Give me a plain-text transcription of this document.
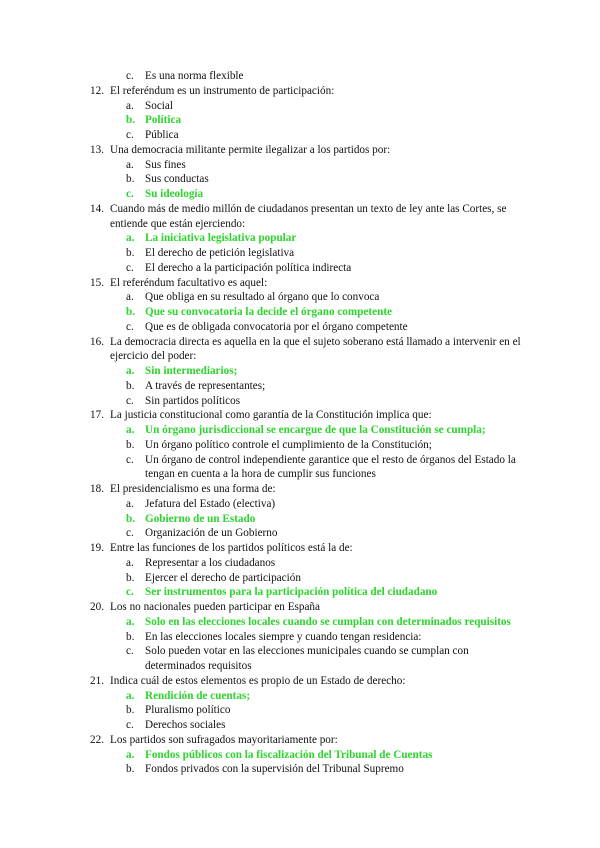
c. Es una norma flexible
12. El referéndum es un instrumento de participación:
a. Social
b. Política
c. Pública
13. Una democracia militante permite ilegalizar a los partidos por:
a. Sus fines
b. Sus conductas
c. Su ideología
14. Cuando más de medio millón de ciudadanos presentan un texto de ley ante las Cortes, se
entiende que están ejerciendo:
a. La iniciativa legislativa popular
b. El derecho de petición legislativa
c. El derecho a la participación política indirecta
15. El referéndum facultativo es aquel:
a. Que obliga en su resultado al órgano que lo convoca
b. Que su convocatoria la decide el órgano competente
c. Que es de obligada convocatoria por el órgano competente
16. La democracia directa es aquella en la que el sujeto soberano está llamado a intervenir en el
ejercicio del poder:
a. Sin intermediarios;
b. A través de representantes;
c. Sin partidos políticos
17. La justicia constitucional como garantía de la Constitución implica que:
a. Un órgano jurisdiccional se encargue de que la Constitución se cumpla;
b. Un órgano político controle el cumplimiento de la Constitución;
c. Un órgano de control independiente garantice que el resto de órganos del Estado la
tengan en cuenta a la hora de cumplir sus funciones
18. El presidencialismo es una forma de:
a. Jefatura del Estado (electiva)
b. Gobierno de un Estado
c. Organización de un Gobierno
19. Entre las funciones de los partidos políticos está la de:
a. Representar a los ciudadanos
b. Ejercer el derecho de participación
c. Ser instrumentos para la participación política del ciudadano
20. Los no nacionales pueden participar en España
a. Solo en las elecciones locales cuando se cumplan con determinados requisitos
b. En las elecciones locales siempre y cuando tengan residencia:
c. Solo pueden votar en las elecciones municipales cuando se cumplan con
determinados requisitos
21. Indica cuál de estos elementos es propio de un Estado de derecho:
a. Rendición de cuentas;
b. Pluralismo político
c. Derechos sociales
22. Los partidos son sufragados mayoritariamente por:
a. Fondos públicos con la fiscalización del Tribunal de Cuentas
b. Fondos privados con la supervisión del Tribunal Supremo
